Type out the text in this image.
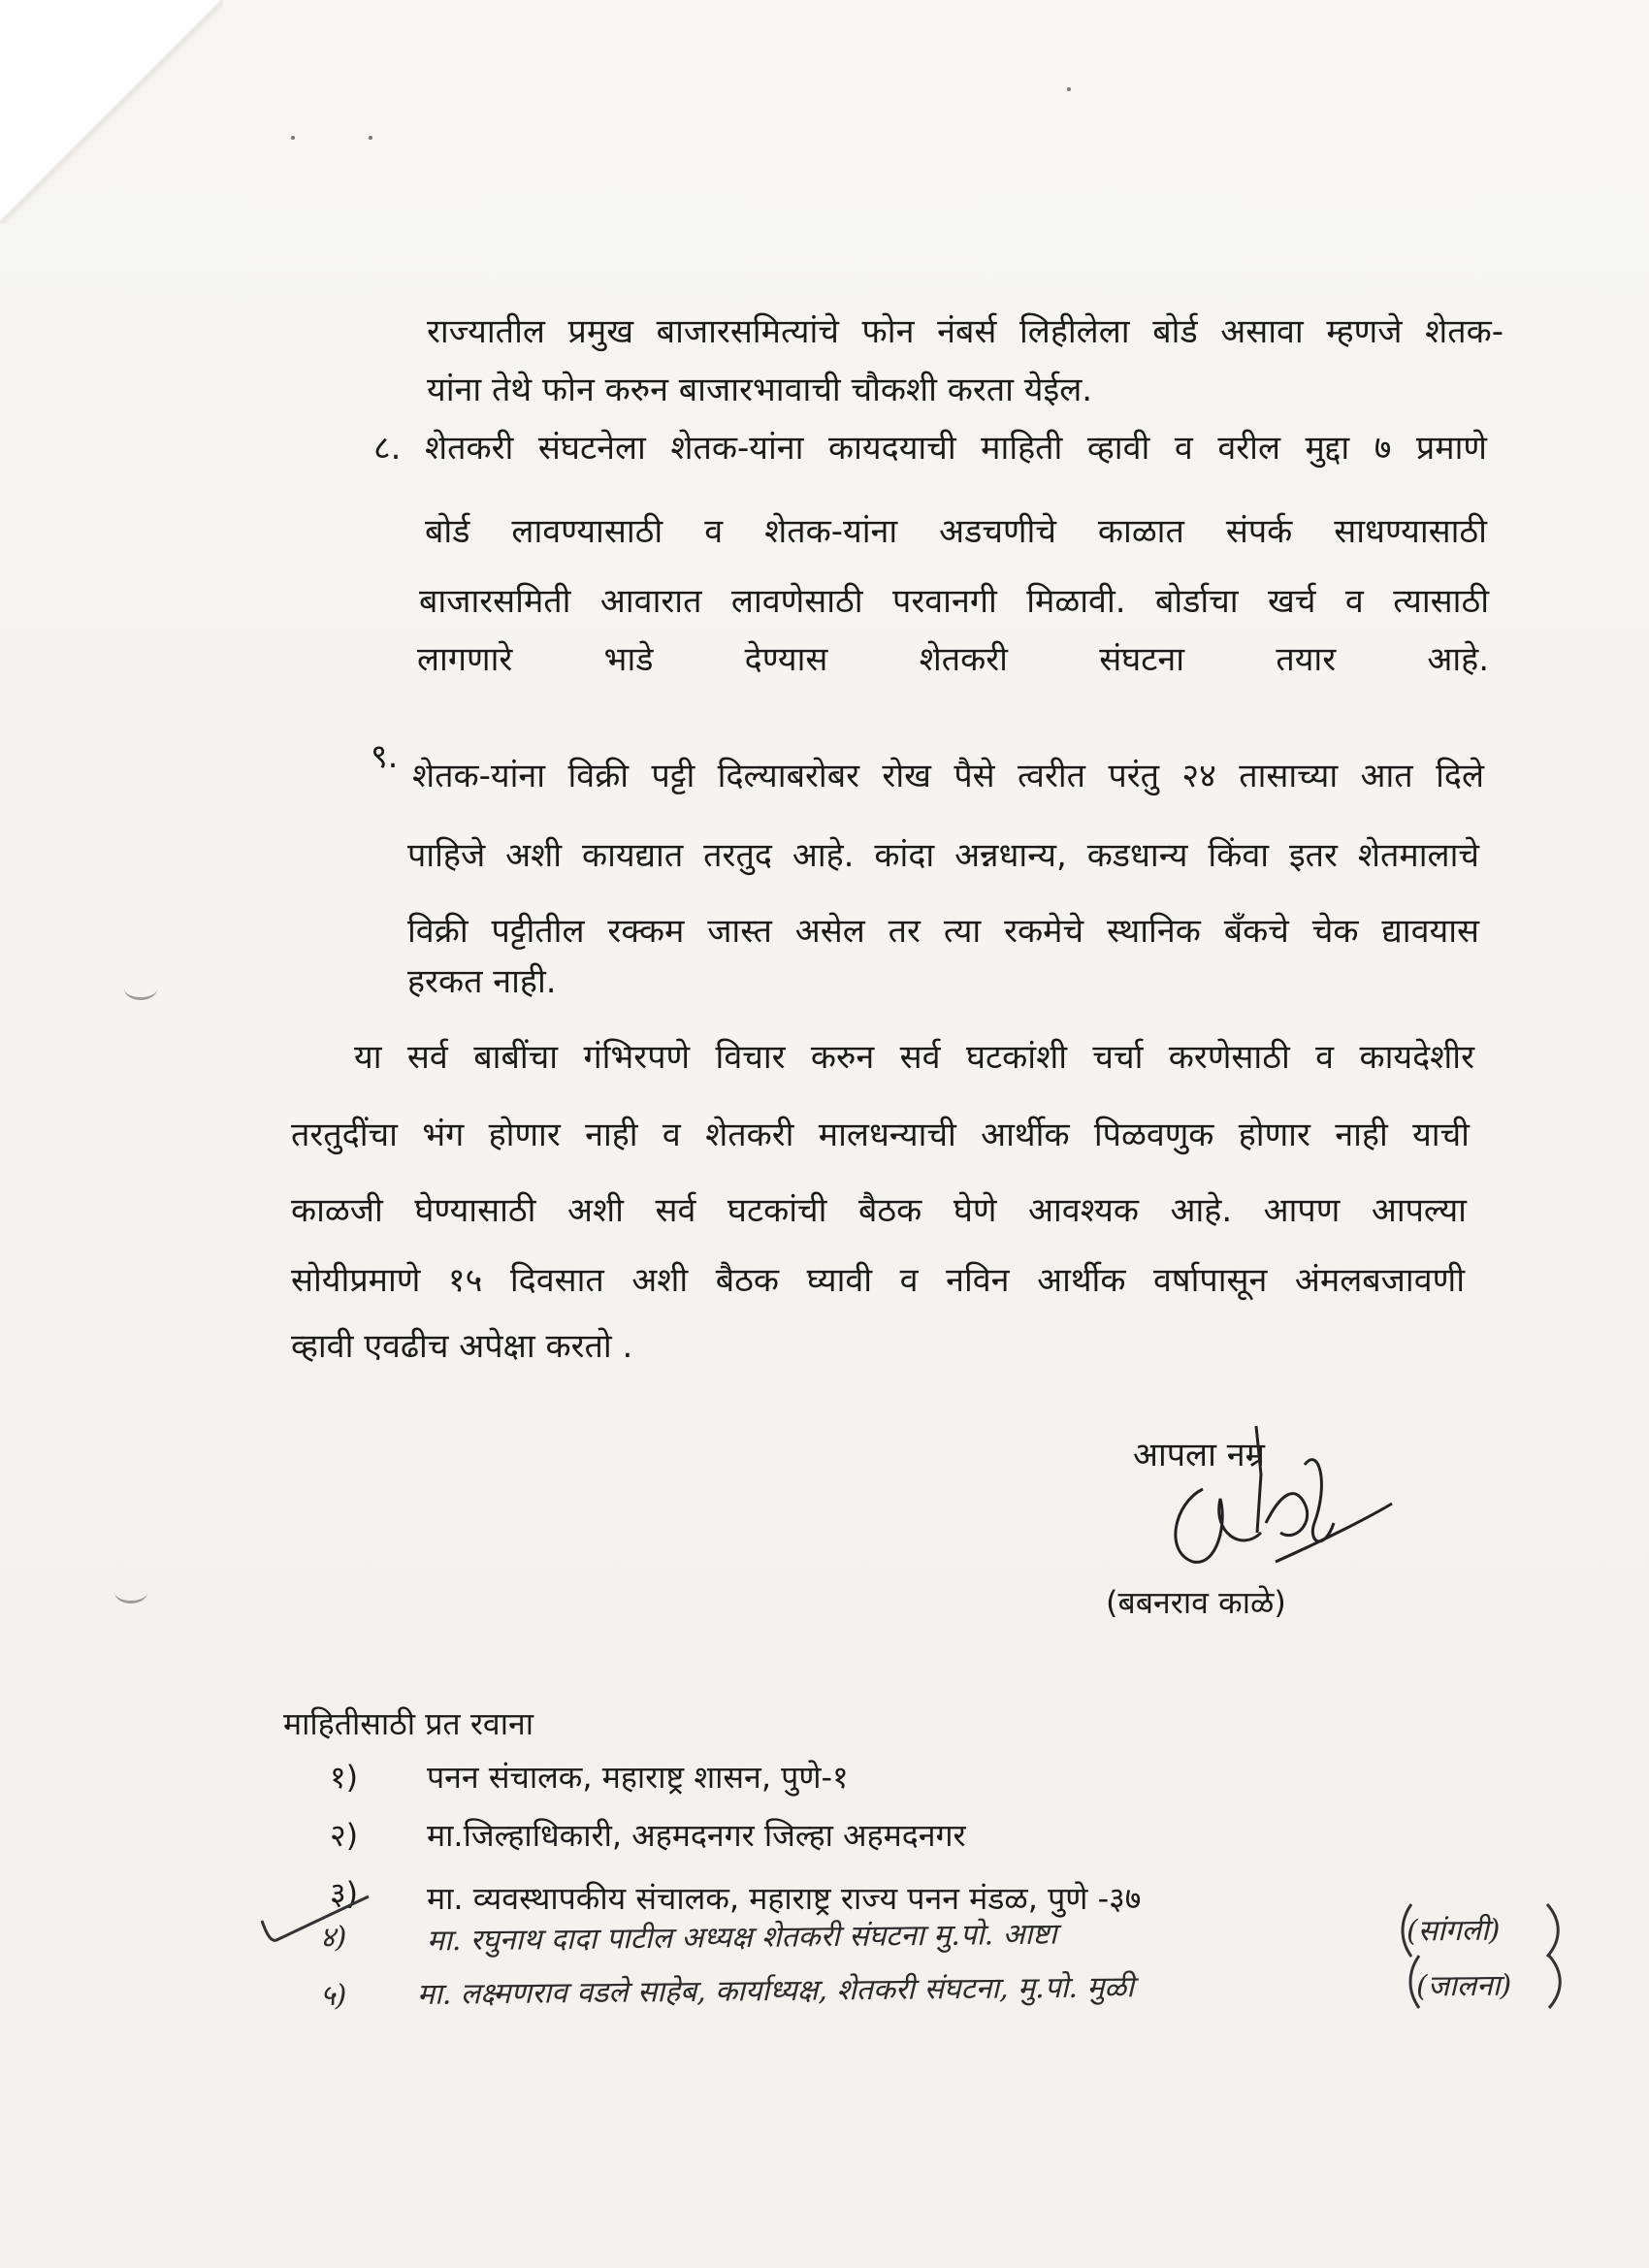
राज्यातील प्रमुख बाजारसमित्यांचे फोन नंबर्स लिहीलेला बोर्ड असावा म्हणजे शेतक-
यांना तेथे फोन करुन बाजारभावाची चौकशी करता येईल.
८. शेतकरी संघटनेला शेतक-यांना कायदयाची माहिती व्हावी व वरील मुद्दा ७ प्रमाणे
बोर्ड लावण्यासाठी व शेतक-यांना अडचणीचे काळात संपर्क साधण्यासाठी
बाजारसमिती आवारात लावणेसाठी परवानगी मिळावी. बोर्डाचा खर्च व त्यासाठी
लागणारे भाडे देण्यास शेतकरी संघटना तयार आहे.
९. शेतक-यांना विक्री पट्टी दिल्याबरोबर रोख पैसे त्वरीत परंतु २४ तासाच्या आत दिले
पाहिजे अशी कायद्यात तरतुद आहे. कांदा अन्नधान्य, कडधान्य किंवा इतर शेतमालाचे
विक्री पट्टीतील रक्कम जास्त असेल तर त्या रकमेचे स्थानिक बँकचे चेक द्यावयास
हरकत नाही.
या सर्व बाबींचा गंभिरपणे विचार करुन सर्व घटकांशी चर्चा करणेसाठी व कायदेशीर
तरतुदींचा भंग होणार नाही व शेतकरी मालधन्याची आर्थीक पिळवणुक होणार नाही याची
काळजी घेण्यासाठी अशी सर्व घटकांची बैठक घेणे आवश्यक आहे. आपण आपल्या
सोयीप्रमाणे १५ दिवसात अशी बैठक घ्यावी व नविन आर्थीक वर्षापासून अंमलबजावणी
व्हावी एवढीच अपेक्षा करतो .
आपला नम्र
(बबनराव काळे)
माहितीसाठी प्रत रवाना
१) पनन संचालक, महाराष्ट्र शासन, पुणे-१
२) मा.जिल्हाधिकारी, अहमदनगर जिल्हा अहमदनगर
३) मा. व्यवस्थापकीय संचालक, महाराष्ट्र राज्य पनन मंडळ, पुणे -३७
४)	मा. रघुनाथ दादा पाटील अध्यक्ष शेतकरी संघटना मु.पो. आष्टा	(सांगली)
५) मा. लक्ष्मणराव वडले साहेब, कार्याध्यक्ष, शेतकरी संघटना, मु.पो. मुळी	(जालना)
